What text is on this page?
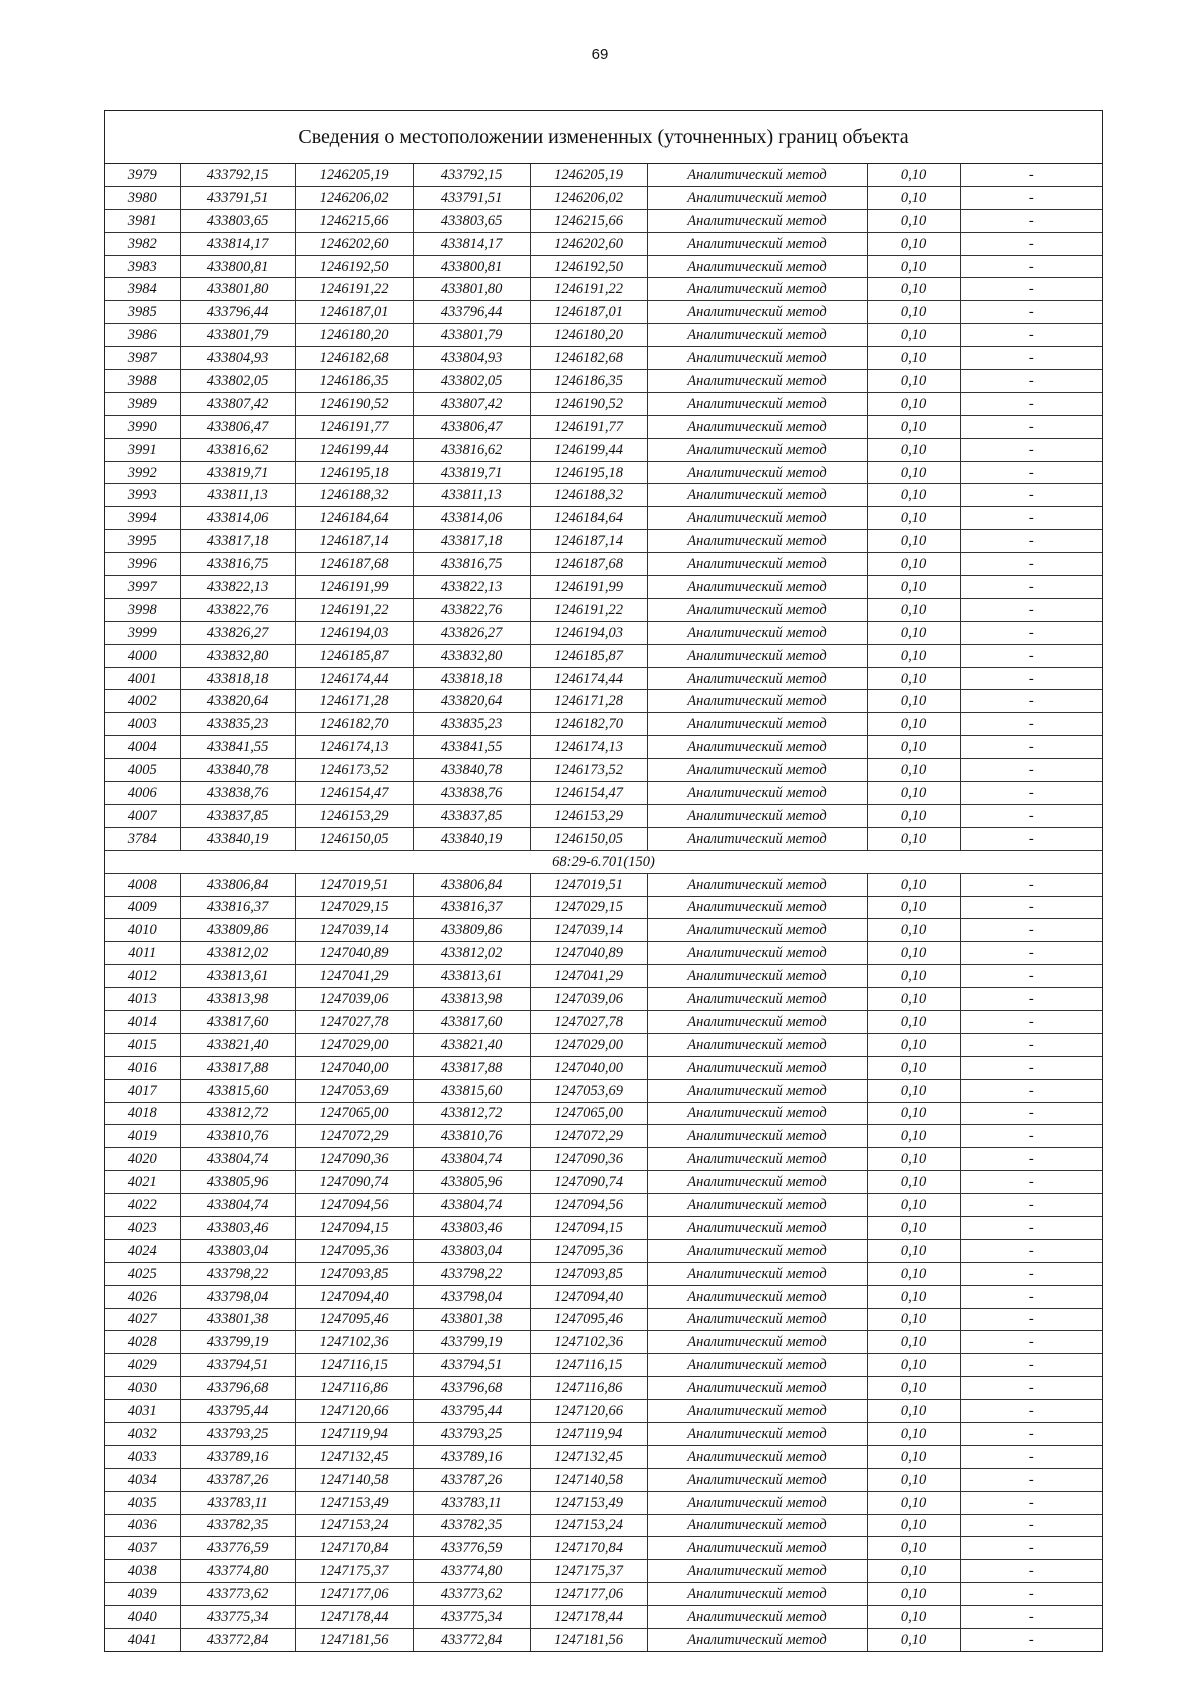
69
Сведения о местоположении измененных (уточненных) границ объекта
3979	433792,15	1246205,19	433792,15	1246205,19	Аналитический метод	0,10	-
3980	433791,51	1246206,02	433791,51	1246206,02	Аналитический метод	0,10	-
3981	433803,65	1246215,66	433803,65	1246215,66	Аналитический метод	0,10	-
3982	433814,17	1246202,60	433814,17	1246202,60	Аналитический метод	0,10	-
3983	433800,81	1246192,50	433800,81	1246192,50	Аналитический метод	0,10	-
3984	433801,80	1246191,22	433801,80	1246191,22	Аналитический метод	0,10	-
3985	433796,44	1246187,01	433796,44	1246187,01	Аналитический метод	0,10	-
3986	433801,79	1246180,20	433801,79	1246180,20	Аналитический метод	0,10	-
3987	433804,93	1246182,68	433804,93	1246182,68	Аналитический метод	0,10	-
3988	433802,05	1246186,35	433802,05	1246186,35	Аналитический метод	0,10	-
3989	433807,42	1246190,52	433807,42	1246190,52	Аналитический метод	0,10	-
3990	433806,47	1246191,77	433806,47	1246191,77	Аналитический метод	0,10	-
3991	433816,62	1246199,44	433816,62	1246199,44	Аналитический метод	0,10	-
3992	433819,71	1246195,18	433819,71	1246195,18	Аналитический метод	0,10	-
3993	433811,13	1246188,32	433811,13	1246188,32	Аналитический метод	0,10	-
3994	433814,06	1246184,64	433814,06	1246184,64	Аналитический метод	0,10	-
3995	433817,18	1246187,14	433817,18	1246187,14	Аналитический метод	0,10	-
3996	433816,75	1246187,68	433816,75	1246187,68	Аналитический метод	0,10	-
3997	433822,13	1246191,99	433822,13	1246191,99	Аналитический метод	0,10	-
3998	433822,76	1246191,22	433822,76	1246191,22	Аналитический метод	0,10	-
3999	433826,27	1246194,03	433826,27	1246194,03	Аналитический метод	0,10	-
4000	433832,80	1246185,87	433832,80	1246185,87	Аналитический метод	0,10	-
4001	433818,18	1246174,44	433818,18	1246174,44	Аналитический метод	0,10	-
4002	433820,64	1246171,28	433820,64	1246171,28	Аналитический метод	0,10	-
4003	433835,23	1246182,70	433835,23	1246182,70	Аналитический метод	0,10	-
4004	433841,55	1246174,13	433841,55	1246174,13	Аналитический метод	0,10	-
4005	433840,78	1246173,52	433840,78	1246173,52	Аналитический метод	0,10	-
4006	433838,76	1246154,47	433838,76	1246154,47	Аналитический метод	0,10	-
4007	433837,85	1246153,29	433837,85	1246153,29	Аналитический метод	0,10	-
3784	433840,19	1246150,05	433840,19	1246150,05	Аналитический метод	0,10	-
68:29-6.701(150)							
4008	433806,84	1247019,51	433806,84	1247019,51	Аналитический метод	0,10	-
4009	433816,37	1247029,15	433816,37	1247029,15	Аналитический метод	0,10	-
4010	433809,86	1247039,14	433809,86	1247039,14	Аналитический метод	0,10	-
4011	433812,02	1247040,89	433812,02	1247040,89	Аналитический метод	0,10	-
4012	433813,61	1247041,29	433813,61	1247041,29	Аналитический метод	0,10	-
4013	433813,98	1247039,06	433813,98	1247039,06	Аналитический метод	0,10	-
4014	433817,60	1247027,78	433817,60	1247027,78	Аналитический метод	0,10	-
4015	433821,40	1247029,00	433821,40	1247029,00	Аналитический метод	0,10	-
4016	433817,88	1247040,00	433817,88	1247040,00	Аналитический метод	0,10	-
4017	433815,60	1247053,69	433815,60	1247053,69	Аналитический метод	0,10	-
4018	433812,72	1247065,00	433812,72	1247065,00	Аналитический метод	0,10	-
4019	433810,76	1247072,29	433810,76	1247072,29	Аналитический метод	0,10	-
4020	433804,74	1247090,36	433804,74	1247090,36	Аналитический метод	0,10	-
4021	433805,96	1247090,74	433805,96	1247090,74	Аналитический метод	0,10	-
4022	433804,74	1247094,56	433804,74	1247094,56	Аналитический метод	0,10	-
4023	433803,46	1247094,15	433803,46	1247094,15	Аналитический метод	0,10	-
4024	433803,04	1247095,36	433803,04	1247095,36	Аналитический метод	0,10	-
4025	433798,22	1247093,85	433798,22	1247093,85	Аналитический метод	0,10	-
4026	433798,04	1247094,40	433798,04	1247094,40	Аналитический метод	0,10	-
4027	433801,38	1247095,46	433801,38	1247095,46	Аналитический метод	0,10	-
4028	433799,19	1247102,36	433799,19	1247102,36	Аналитический метод	0,10	-
4029	433794,51	1247116,15	433794,51	1247116,15	Аналитический метод	0,10	-
4030	433796,68	1247116,86	433796,68	1247116,86	Аналитический метод	0,10	-
4031	433795,44	1247120,66	433795,44	1247120,66	Аналитический метод	0,10	-
4032	433793,25	1247119,94	433793,25	1247119,94	Аналитический метод	0,10	-
4033	433789,16	1247132,45	433789,16	1247132,45	Аналитический метод	0,10	-
4034	433787,26	1247140,58	433787,26	1247140,58	Аналитический метод	0,10	-
4035	433783,11	1247153,49	433783,11	1247153,49	Аналитический метод	0,10	-
4036	433782,35	1247153,24	433782,35	1247153,24	Аналитический метод	0,10	-
4037	433776,59	1247170,84	433776,59	1247170,84	Аналитический метод	0,10	-
4038	433774,80	1247175,37	433774,80	1247175,37	Аналитический метод	0,10	-
4039	433773,62	1247177,06	433773,62	1247177,06	Аналитический метод	0,10	-
4040	433775,34	1247178,44	433775,34	1247178,44	Аналитический метод	0,10	-
4041	433772,84	1247181,56	433772,84	1247181,56	Аналитический метод	0,10	-
